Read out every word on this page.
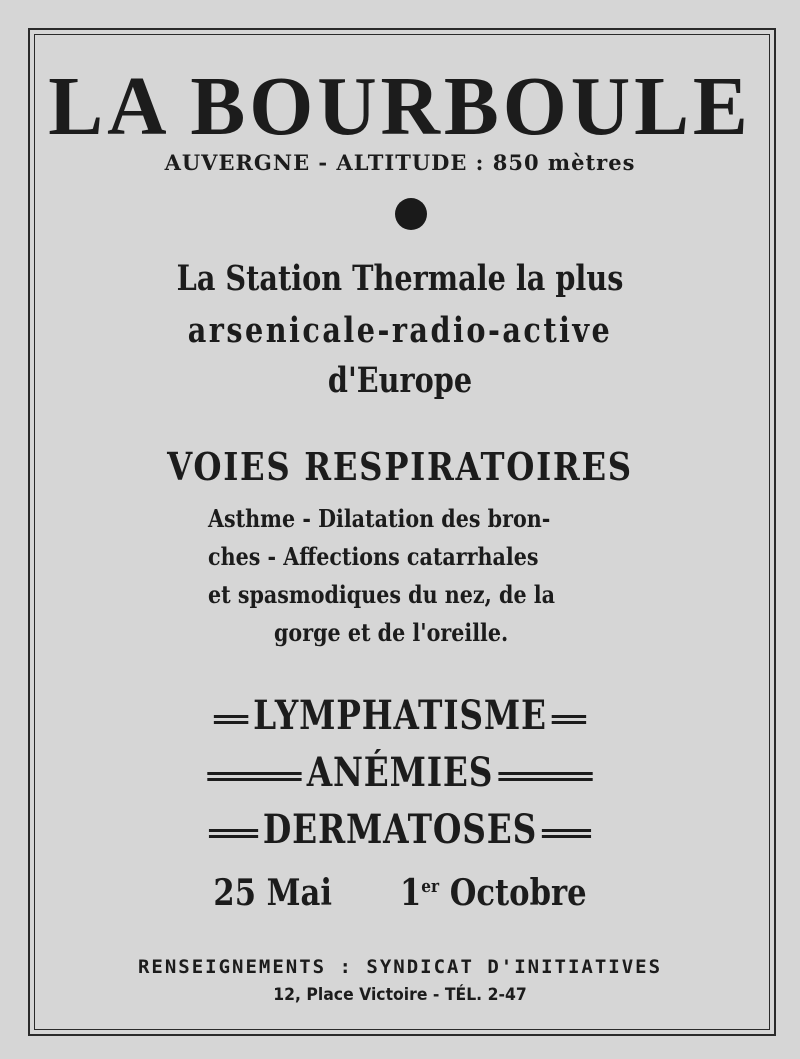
LA BOURBOULE
AUVERGNE - ALTITUDE : 850 mètres
La Station Thermale la plus
arsenicale-radio-active
d'Europe
VOIES RESPIRATOIRES
Asthme - Dilatation des bron-
ches - Affections catarrhales
et spasmodiques du nez, de la
gorge et de l'oreille.
LYMPHATISME
ANÉMIES
DERMATOSES
25 Mai 1er Octobre
RENSEIGNEMENTS : SYNDICAT D'INITIATIVES
12, Place Victoire - TÉL. 2-47
